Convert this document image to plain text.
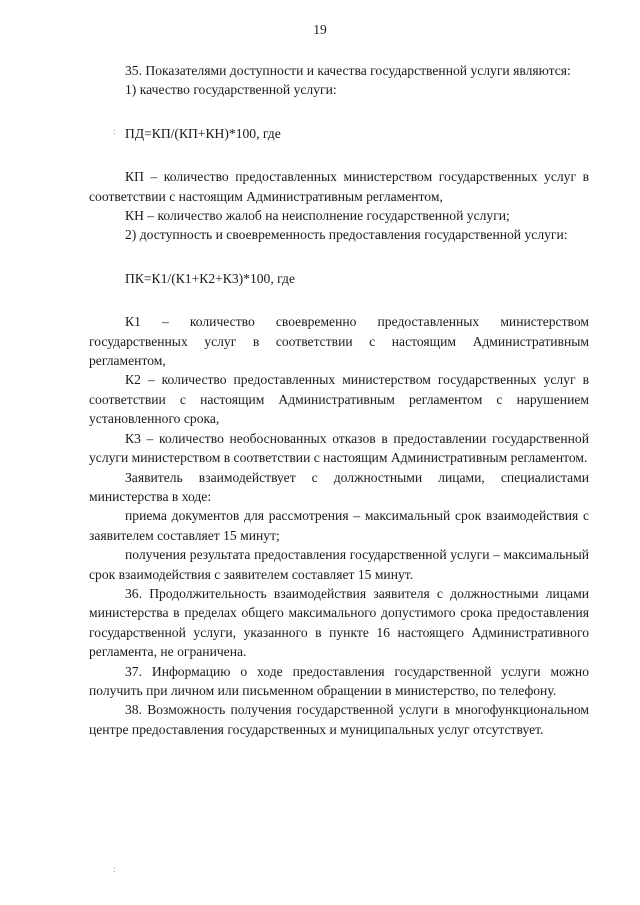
19
:
:

35. Показателями доступности и качества государственной услуги являются:

1) качество государственной услуги:

ПД=КП/(КП+КН)*100, где

КП – количество предоставленных министерством государственных услуг в соответствии с настоящим Административным регламентом,

КН – количество жалоб на неисполнение государственной услуги;

2) доступность и своевременность предоставления государственной услуги:

ПК=К1/(К1+К2+К3)*100, где

К1 – количество своевременно предоставленных министерством государственных услуг в соответствии с настоящим Административным регламентом,

К2 – количество предоставленных министерством государственных услуг в соответствии с настоящим Административным регламентом с нарушением установленного срока,

К3 – количество необоснованных отказов в предоставлении государственной услуги министерством в соответствии с настоящим Административным регламентом.

Заявитель взаимодействует с должностными лицами, специалистами министерства в ходе:

приема документов для рассмотрения – максимальный срок взаимодействия с заявителем составляет 15 минут;

получения результата предоставления государственной услуги – максимальный срок взаимодействия с заявителем составляет 15 минут.

36. Продолжительность взаимодействия заявителя с должностными лицами министерства в пределах общего максимального допустимого срока предоставления государственной услуги, указанного в пункте 16 настоящего Административного регламента, не ограничена.

37. Информацию о ходе предоставления государственной услуги можно получить при личном или письменном обращении в министерство, по телефону.

38. Возможность получения государственной услуги в многофункциональном центре предоставления государственных и муниципальных услуг отсутствует.
